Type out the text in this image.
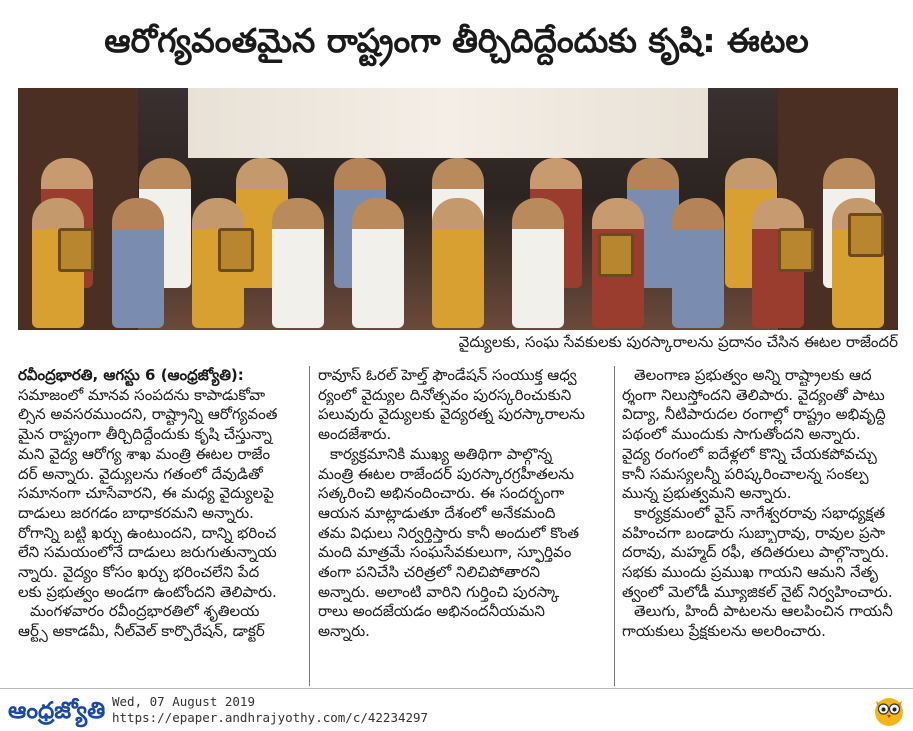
ఆరోగ్యవంతమైన రాష్ట్రంగా తీర్చిదిద్దేందుకు కృషి: ఈటల
వైద్యులకు, సంఘ సేవకులకు పురస్కారాలను ప్రదానం చేసిన ఈటల రాజేందర్

రవీంద్రభారతి, ఆగస్టు 6 (ఆంధ్రజ్యోతి):

సమాజంలో మానవ సంపదను కాపాడుకోవా

ల్సిన అవసరముందని, రాష్ట్రాన్ని ఆరోగ్యవంత

మైన రాష్ట్రంగా తీర్చిదిద్దేందుకు కృషి చేస్తున్నా

మని వైద్య ఆరోగ్య శాఖ మంత్రి ఈటల రాజేం

దర్ అన్నారు. వైద్యులను గతంలో దేవుడితో

సమానంగా చూసేవారని, ఈ మధ్య వైద్యులపై

దాడులు జరగడం బాధాకరమని అన్నారు.

రోగాన్ని బట్టి ఖర్చు ఉంటుందని, దాన్ని భరించ

లేని సమయంలోనే దాడులు జరుగుతున్నాయ

న్నారు. వైద్యం కోసం ఖర్చు భరించలేని పేద

లకు ప్రభుత్వం అండగా ఉంటోందని తెలిపారు.

మంగళవారం రవీంద్రభారతిలో శృతిలయ

ఆర్ట్స్ అకాడమీ, నీల్‌వెల్ కార్పొరేషన్, డాక్టర్

రావూస్ ఓరల్ హెల్త్ ఫౌండేషన్ సంయుక్త ఆధ్వ

ర్యంలో వైద్యుల దినోత్సవం పురస్కరించుకుని

పలువురు వైద్యులకు వైద్యరత్న పురస్కారాలను

అందజేశారు.

కార్యక్రమానికి ముఖ్య అతిథిగా పాల్గొన్న

మంత్రి ఈటల రాజేందర్ పురస్కారగ్రహీతలను

సత్కరించి అభినందించారు. ఈ సందర్భంగా

ఆయన మాట్లాడుతూ దేశంలో అనేకమంది

తమ విధులు నిర్వర్తిస్తారు కానీ అందులో కొంత

మంది మాత్రమే సంఘసేవకులుగా, స్ఫూర్తివం

తంగా పనిచేసి చరిత్రలో నిలిచిపోతారని

అన్నారు. అలాంటి వారిని గుర్తించి పురస్కా

రాలు అందజేయడం అభినందనీయమని

అన్నారు.

తెలంగాణ ప్రభుత్వం అన్ని రాష్ట్రాలకు ఆద

ర్శంగా నిలుస్తోందని తెలిపారు. వైద్యంతో పాటు

విద్యా, నీటిపారుదల రంగాల్లో రాష్ట్రం అభివృద్ధి

పథంలో ముందుకు సాగుతోందని అన్నారు.

వైద్య రంగంలో ఐదేళ్లలో కొన్ని చేయకపోవచ్చు

కానీ సమస్యలన్నీ పరిష్కరించాలన్న సంకల్ప

మున్న ప్రభుత్వమని అన్నారు.

కార్యక్రమంలో వైస్ నాగేశ్వరరావు సభాధ్యక్షత

వహించగా బండారు సుబ్బారావు, రావుల ప్రసా

దరావు, మహ్మద్ రఫీ, తదితరులు పాల్గొన్నారు.

సభకు ముందు ప్రముఖ గాయని ఆమని నేతృ

త్వంలో మెలోడీ మ్యూజికల్ నైట్ నిర్వహించారు.

తెలుగు, హిందీ పాటలను ఆలపించిన గాయనీ

గాయకులు ప్రేక్షకులను అలరించారు.

ఆంధ్రజ్యోతి Wed, 07 August 2019
https://epaper.andhrajyothy.com/c/42234297
